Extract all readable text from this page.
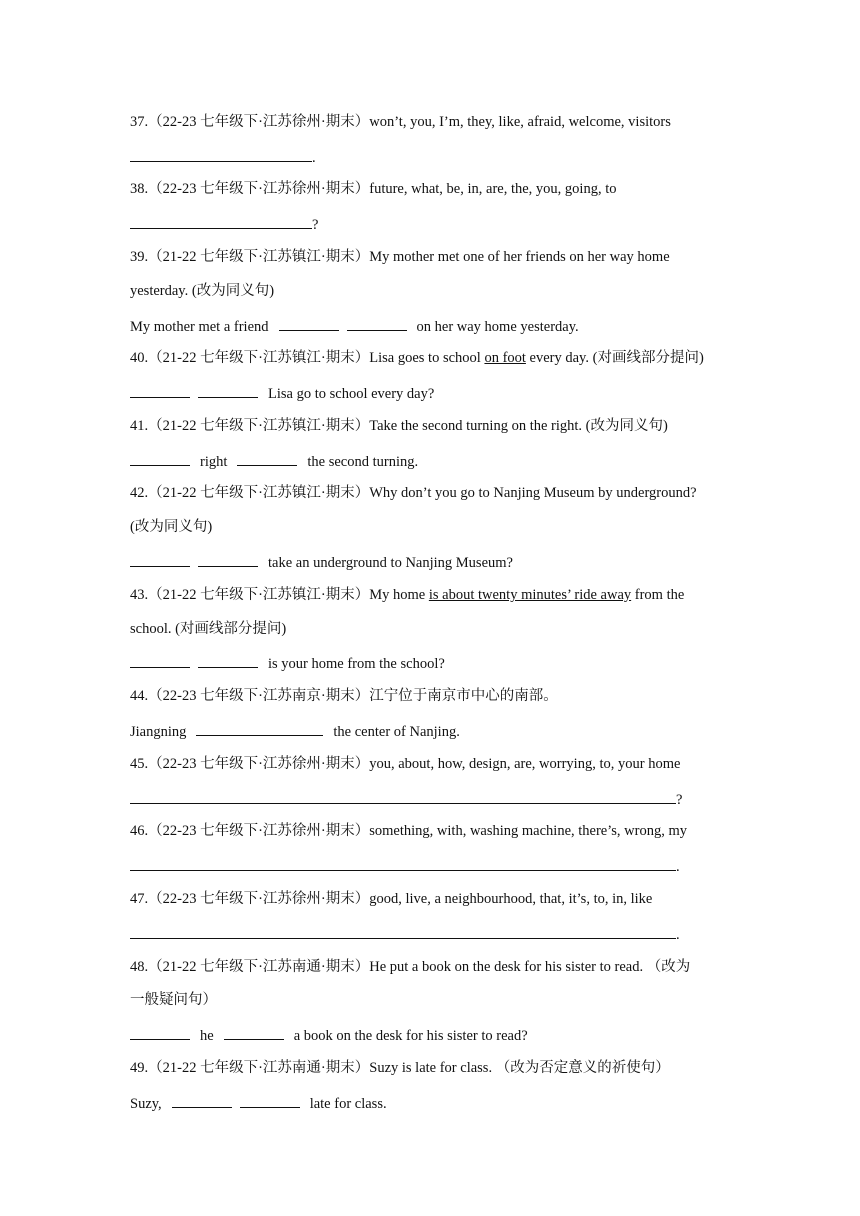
37.（22-23 七年级下·江苏徐州·期末）won’t, you, I’m, they, like, afraid, welcome, visitors
.
38.（22-23 七年级下·江苏徐州·期末）future, what, be, in, are, the, you, going, to
?
39.（21-22 七年级下·江苏镇江·期末）My mother met one of her friends on her way home
yesterday. (改为同义句)
My mother met a friend	on her way home yesterday.
40.（21-22 七年级下·江苏镇江·期末）Lisa goes to school on foot every day. (对画线部分提问)
Lisa go to school every day?
41.（21-22 七年级下·江苏镇江·期末）Take the second turning on the right. (改为同义句)
right	the second turning.
42.（21-22 七年级下·江苏镇江·期末）Why don’t you go to Nanjing Museum by underground?
(改为同义句)
take an underground to Nanjing Museum?
43.（21-22 七年级下·江苏镇江·期末）My home is about twenty minutes’ ride away from the
school. (对画线部分提问)
is your home from the school?
44.（22-23 七年级下·江苏南京·期末）江宁位于南京市中心的南部。
Jiangning	the center of Nanjing.
45.（22-23 七年级下·江苏徐州·期末）you, about, how, design, are, worrying, to, your home
?
46.（22-23 七年级下·江苏徐州·期末）something, with, washing machine, there’s, wrong, my
.
47.（22-23 七年级下·江苏徐州·期末）good, live, a neighbourhood, that, it’s, to, in, like
.
48.（21-22 七年级下·江苏南通·期末）He put a book on the desk for his sister to read. （改为
一般疑问句）
he	a book on the desk for his sister to read?
49.（21-22 七年级下·江苏南通·期末）Suzy is late for class. （改为否定意义的祈使句）
Suzy,	late for class.
